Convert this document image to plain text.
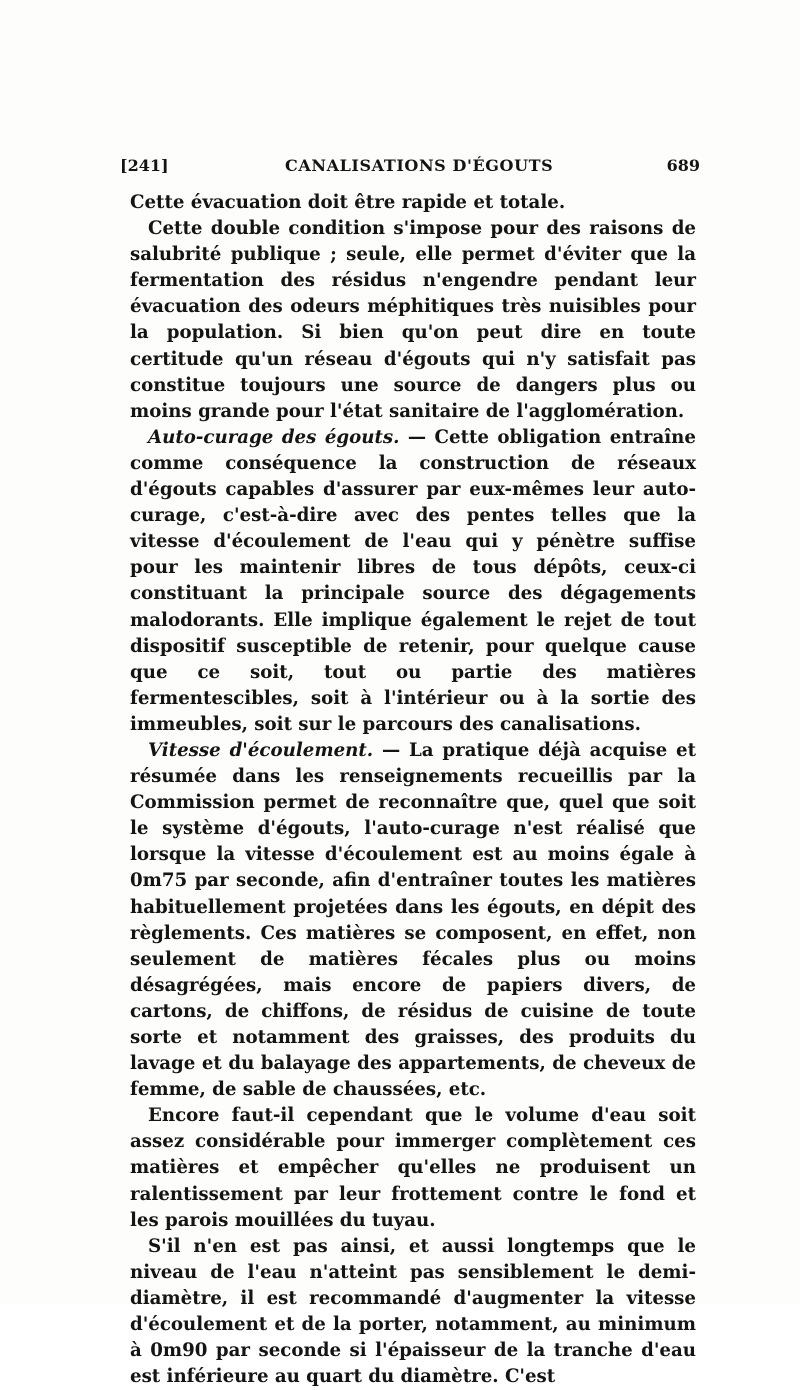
[241]	CANALISATIONS D'ÉGOUTS	689

Cette évacuation doit être rapide et totale.

Cette double condition s'impose pour des raisons de salubrité publique ; seule, elle permet d'éviter que la fermentation des résidus n'engendre pendant leur évacuation des odeurs méphitiques très nuisibles pour la population. Si bien qu'on peut dire en toute certitude qu'un réseau d'égouts qui n'y satisfait pas constitue toujours une source de dangers plus ou moins grande pour l'état sanitaire de l'agglomération.

Auto-curage des égouts. — Cette obligation entraîne comme conséquence la construction de réseaux d'égouts capables d'assurer par eux-mêmes leur auto-curage, c'est-à-dire avec des pentes telles que la vitesse d'écoulement de l'eau qui y pénètre suffise pour les maintenir libres de tous dépôts, ceux-ci constituant la principale source des dégagements malodorants. Elle implique également le rejet de tout dispositif susceptible de retenir, pour quelque cause que ce soit, tout ou partie des matières fermentescibles, soit à l'intérieur ou à la sortie des immeubles, soit sur le parcours des canalisations.

Vitesse d'écoulement. — La pratique déjà acquise et résumée dans les renseignements recueillis par la Commission permet de reconnaître que, quel que soit le système d'égouts, l'auto-curage n'est réalisé que lorsque la vitesse d'écoulement est au moins égale à 0m75 par seconde, afin d'entraîner toutes les matières habituellement projetées dans les égouts, en dépit des règlements. Ces matières se composent, en effet, non seulement de matières fécales plus ou moins désagrégées, mais encore de papiers divers, de cartons, de chiffons, de résidus de cuisine de toute sorte et notamment des graisses, des produits du lavage et du balayage des appartements, de cheveux de femme, de sable de chaussées, etc.

Encore faut-il cependant que le volume d'eau soit assez considérable pour immerger complètement ces matières et empêcher qu'elles ne produisent un ralentissement par leur frottement contre le fond et les parois mouillées du tuyau.

S'il n'en est pas ainsi, et aussi longtemps que le niveau de l'eau n'atteint pas sensiblement le demi-diamètre, il est recommandé d'augmenter la vitesse d'écoulement et de la porter, notamment, au minimum à 0m90 par seconde si l'épaisseur de la tranche d'eau est inférieure au quart du diamètre. C'est
